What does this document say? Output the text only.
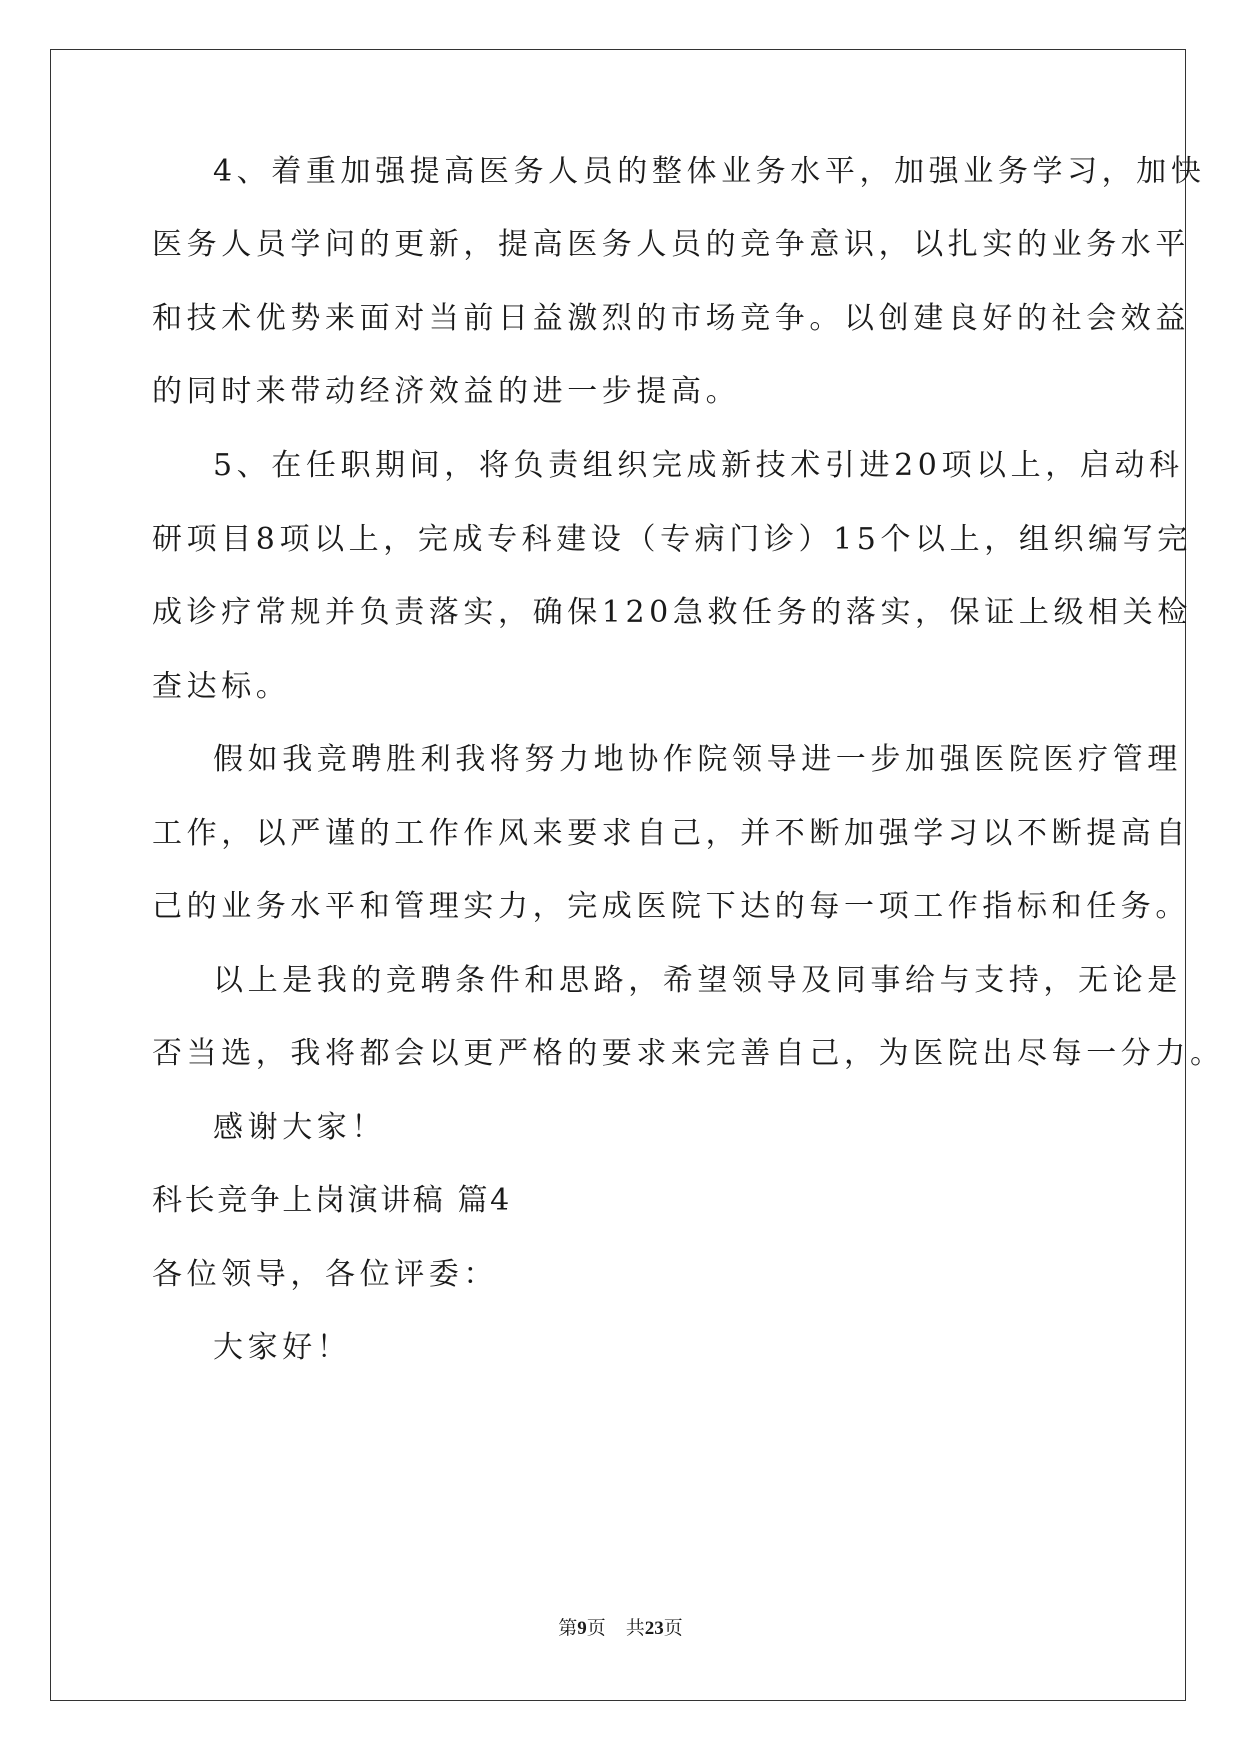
4、着重加强提高医务人员的整体业务水平，加强业务学习，加快
医务人员学问的更新，提高医务人员的竞争意识，以扎实的业务水平
和技术优势来面对当前日益激烈的市场竞争。以创建良好的社会效益
的同时来带动经济效益的进一步提高。
5、在任职期间，将负责组织完成新技术引进20项以上，启动科
研项目8项以上，完成专科建设（专病门诊）15个以上，组织编写完
成诊疗常规并负责落实，确保120急救任务的落实，保证上级相关检
查达标。
假如我竞聘胜利我将努力地协作院领导进一步加强医院医疗管理
工作，以严谨的工作作风来要求自己，并不断加强学习以不断提高自
己的业务水平和管理实力，完成医院下达的每一项工作指标和任务。
以上是我的竞聘条件和思路，希望领导及同事给与支持，无论是
否当选，我将都会以更严格的要求来完善自己，为医院出尽每一分力。
感谢大家！
科长竞争上岗演讲稿 篇4
各位领导，各位评委：
大家好！
第9页 共23页
